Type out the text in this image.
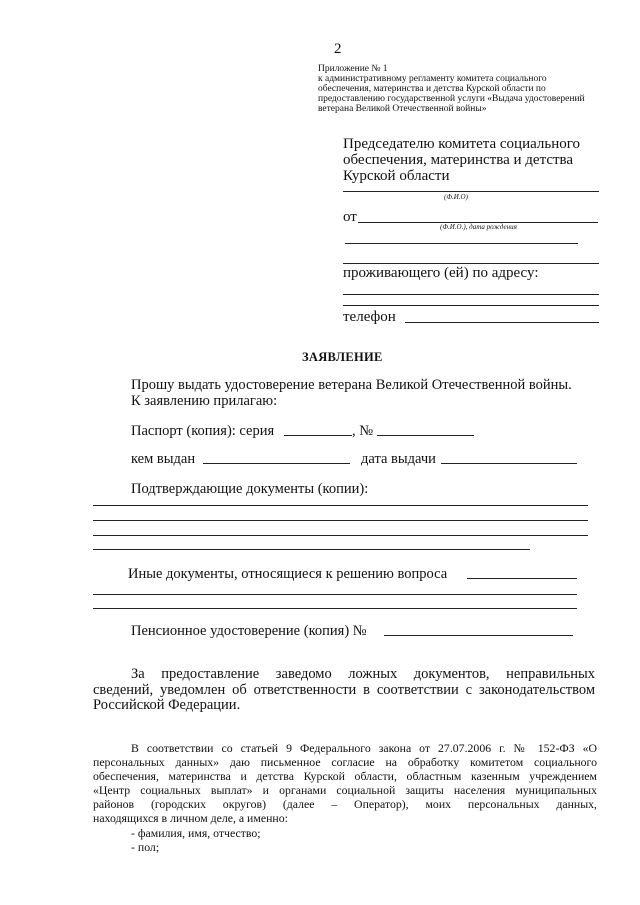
2
Приложение № 1
к административному регламенту комитета социального
обеспечения, материнства и детства Курской области по
предоставлению государственной услуги «Выдача удостоверений
ветерана Великой Отечественной войны»
Председателю комитета социального
обеспечения, материнства и детства
Курской области
(Ф.И.О)
от
(Ф.И.О.), дата рождения
проживающего (ей) по адресу:
телефон
ЗАЯВЛЕНИЕ
Прошу выдать удостоверение ветерана Великой Отечественной войны.
К заявлению прилагаю:
Паспорт (копия): серия	, №
кем выдан	дата выдачи
Подтверждающие документы (копии):
Иные документы, относящиеся к решению вопроса
Пенсионное удостоверение (копия) №
За предоставление заведомо ложных документов, неправильных
сведений, уведомлен об ответственности в соответствии с законодательством
Российской Федерации.
В соответствии со статьей 9 Федерального закона от 27.07.2006 г. № 152-ФЗ «О
персональных данных» даю письменное согласие на обработку комитетом социального
обеспечения, материнства и детства Курской области, областным казенным учреждением
«Центр социальных выплат» и органами социальной защиты населения муниципальных
районов (городских округов) (далее – Оператор), моих персональных данных,
находящихся в личном деле, а именно:
- фамилия, имя, отчество;
- пол;
